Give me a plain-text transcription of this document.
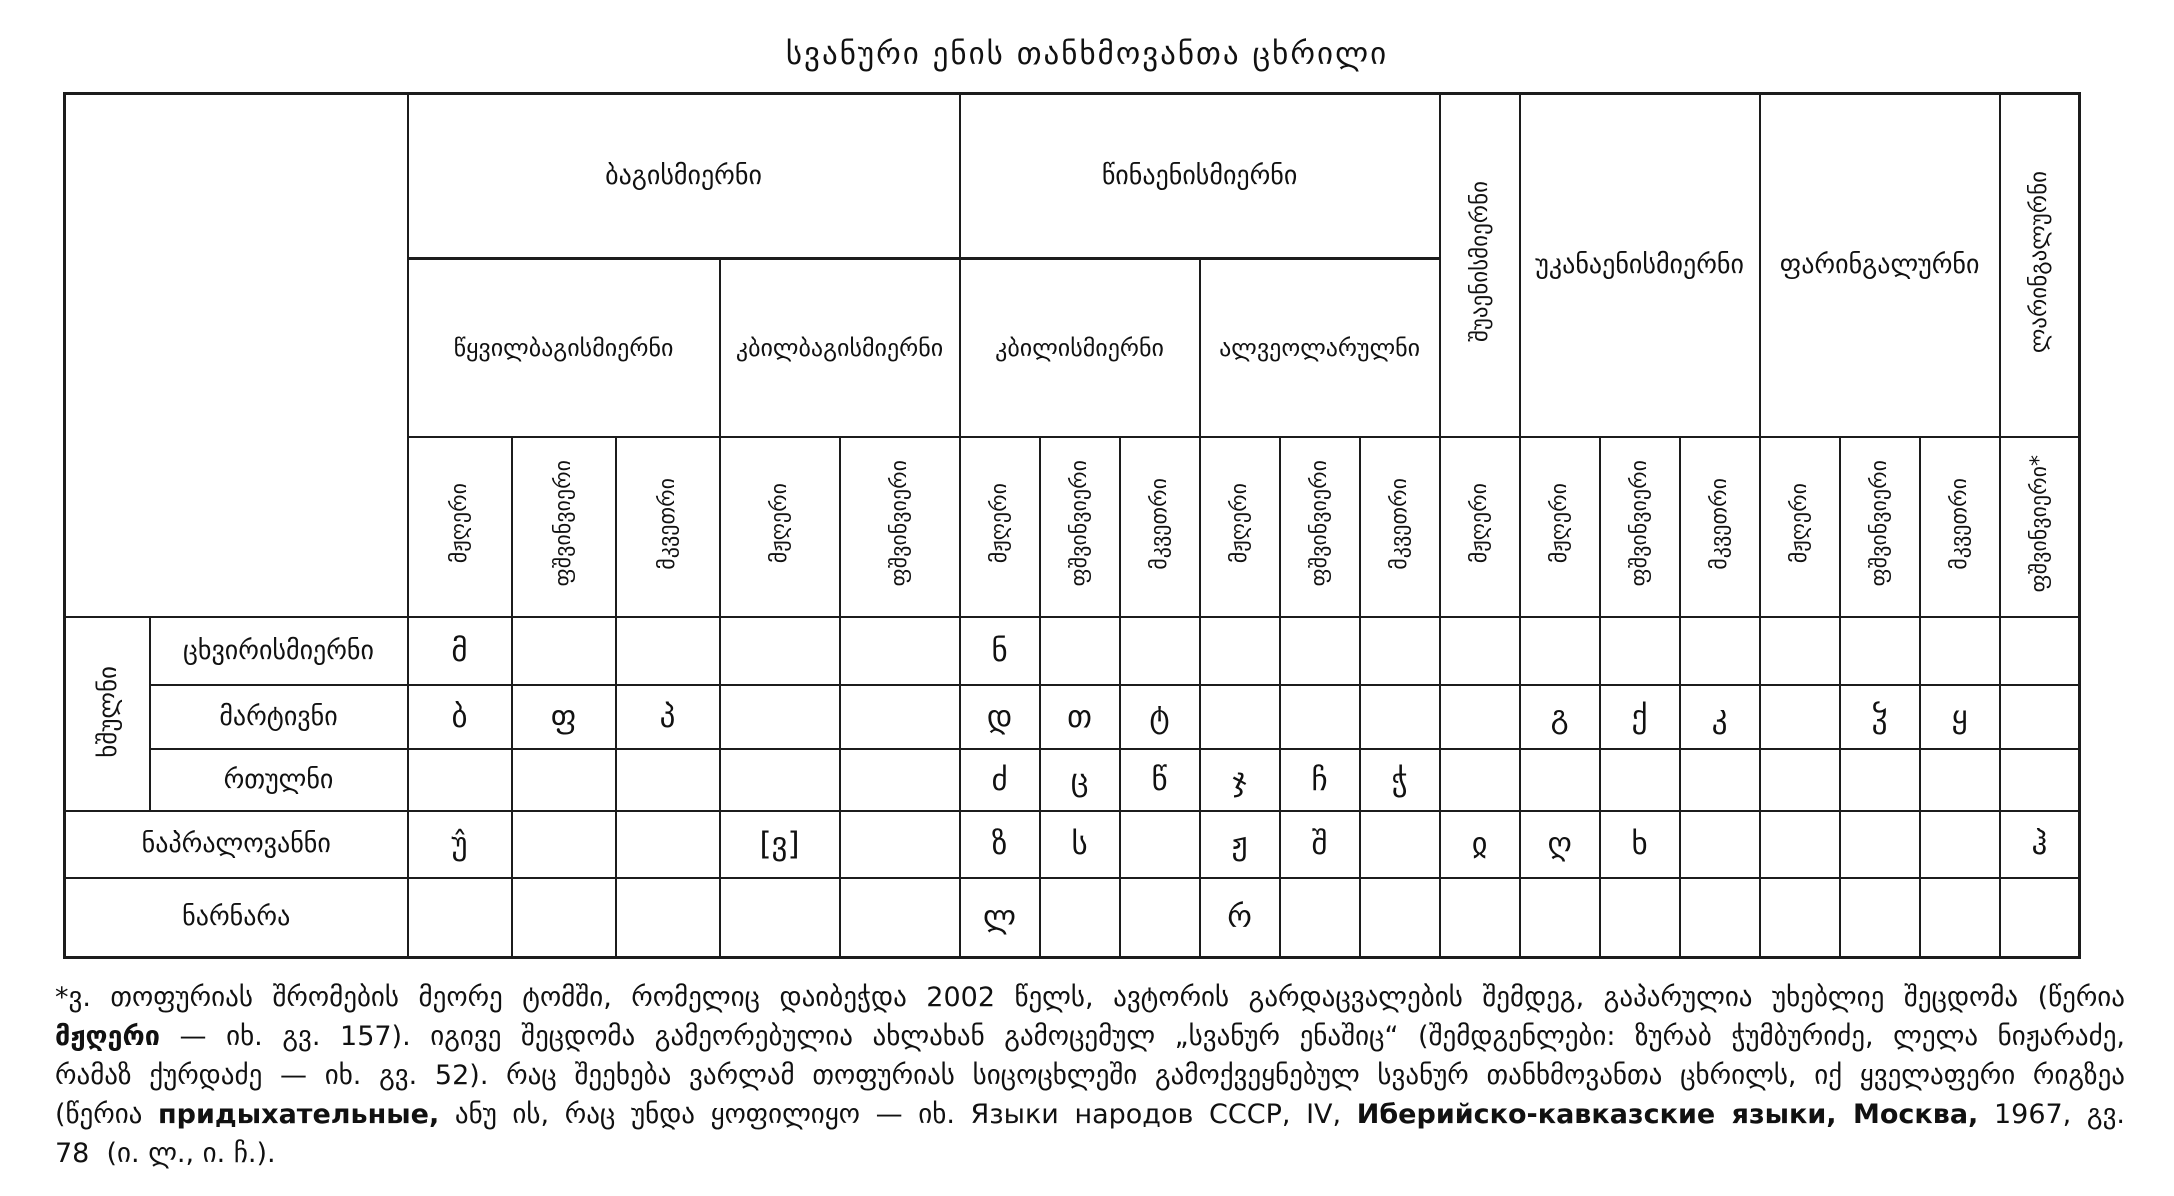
სვანური ენის თანხმოვანთა ცხრილი
		ბაგისმიერნი					წინაენისმიერნი						შუაენისმიერნი	უკანაენისმიერნი			ფარინგალურნი			ლარინგალურნი
		წყვილბაგისმიერნი			კბილბაგისმიერნი		კბილისმიერნი			ალვეოლარულნი										
		მჟღერი	ფშვინვიერი	მკვეთრი	მჟღერი	ფშვინვიერი	მჟღერი	ფშვინვიერი	მკვეთრი	მჟღერი	ფშვინვიერი	მკვეთრი	მჟღერი	მჟღერი	ფშვინვიერი	მკვეთრი	მჟღერი	ფშვინვიერი	მკვეთრი	ფშვინვიერი*
ხშულნი	ცხვირისმიერნი	მ					ნ													
	მარტივნი	ბ	ფ	პ			დ	თ	ტ					გ	ქ	კ		ჴ	ყ	
	რთულნი						ძ	ც	წ	ჯ	ჩ	ჭ								
ნაპრალოვანნი		უ̂			[ვ]		ზ	ს		ჟ	შ		ჲ	ღ	ხ					ჰ
ნარნარა							ლ			რ										
*ვ. თოფურიას შრომების მეორე ტომში, რომელიც დაიბეჭდა 2002 წელს, ავტორის გარდაცვალების შემდეგ, გაპარულია უხებლიე შეცდომა (წერია
მჟღერი — იხ. გვ. 157). იგივე შეცდომა გამეორებულია ახლახან გამოცემულ „სვანურ ენაშიც“ (შემდგენლები: ზურაბ ჭუმბურიძე, ლელა ნიჟარაძე,
რამაზ ქურდაძე — იხ. გვ. 52). რაც შეეხება ვარლამ თოფურიას სიცოცხლეში გამოქვეყნებულ სვანურ თანხმოვანთა ცხრილს, იქ ყველაფერი რიგზეა
(წერია придыхательные, ანუ ის, რაც უნდა ყოფილიყო — იხ. Языки народов СССР, IV, Иберийско-кавказские языки, Москва, 1967, გვ.
78  (ი. ლ., ი. ჩ.).
